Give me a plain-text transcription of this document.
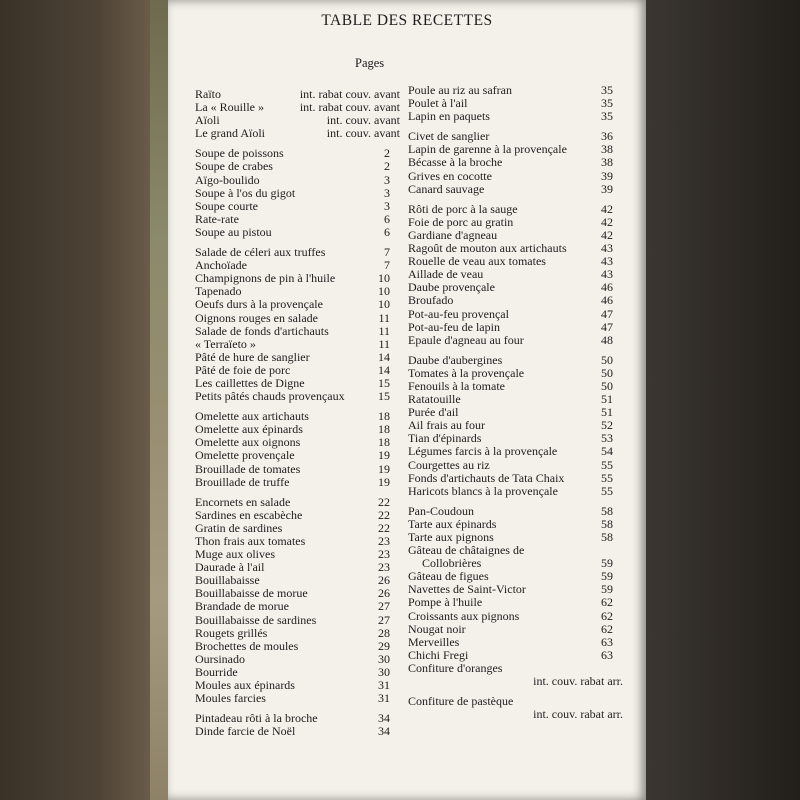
TABLE DES RECETTES
Pages
Raïto	int. rabat couv. avant
La « Rouille »	int. rabat couv. avant
Aïoli	int. couv. avant
Le grand Aïoli	int. couv. avant
Soupe de poissons	2
Soupe de crabes	2
Aïgo-boulido	3
Soupe à l'os du gigot	3
Soupe courte	3
Rate-rate	6
Soupe au pistou	6
Salade de céleri aux truffes	7
Anchoïade	7
Champignons de pin à l'huile	10
Tapenado	10
Oeufs durs à la provençale	10
Oignons rouges en salade	11
Salade de fonds d'artichauts	11
« Terraïeto »	11
Pâté de hure de sanglier	14
Pâté de foie de porc	14
Les caillettes de Digne	15
Petits pâtés chauds provençaux	15
Omelette aux artichauts	18
Omelette aux épinards	18
Omelette aux oignons	18
Omelette provençale	19
Brouillade de tomates	19
Brouillade de truffe	19
Encornets en salade	22
Sardines en escabèche	22
Gratin de sardines	22
Thon frais aux tomates	23
Muge aux olives	23
Daurade à l'ail	23
Bouillabaisse	26
Bouillabaisse de morue	26
Brandade de morue	27
Bouillabaisse de sardines	27
Rougets grillés	28
Brochettes de moules	29
Oursinado	30
Bourride	30
Moules aux épinards	31
Moules farcies	31
Pintadeau rôti à la broche	34
Dinde farcie de Noël	34
Poule au riz au safran	35
Poulet à l'ail	35
Lapin en paquets	35
Civet de sanglier	36
Lapin de garenne à la provençale	38
Bécasse à la broche	38
Grives en cocotte	39
Canard sauvage	39
Rôti de porc à la sauge	42
Foie de porc au gratin	42
Gardiane d'agneau	42
Ragoût de mouton aux artichauts	43
Rouelle de veau aux tomates	43
Aillade de veau	43
Daube provençale	46
Broufado	46
Pot-au-feu provençal	47
Pot-au-feu de lapin	47
Epaule d'agneau au four	48
Daube d'aubergines	50
Tomates à la provençale	50
Fenouils à la tomate	50
Ratatouille	51
Purée d'ail	51
Ail frais au four	52
Tian d'épinards	53
Légumes farcis à la provençale	54
Courgettes au riz	55
Fonds d'artichauts de Tata Chaix	55
Haricots blancs à la provençale	55
Pan-Coudoun	58
Tarte aux épinards	58
Tarte aux pignons	58
Gâteau de châtaignes de
Collobrières	59
Gâteau de figues	59
Navettes de Saint-Victor	59
Pompe à l'huile	62
Croissants aux pignons	62
Nougat noir	62
Merveilles	63
Chichi Fregi	63
Confiture d'oranges
int. couv. rabat arr.
Confiture de pastèque
int. couv. rabat arr.
